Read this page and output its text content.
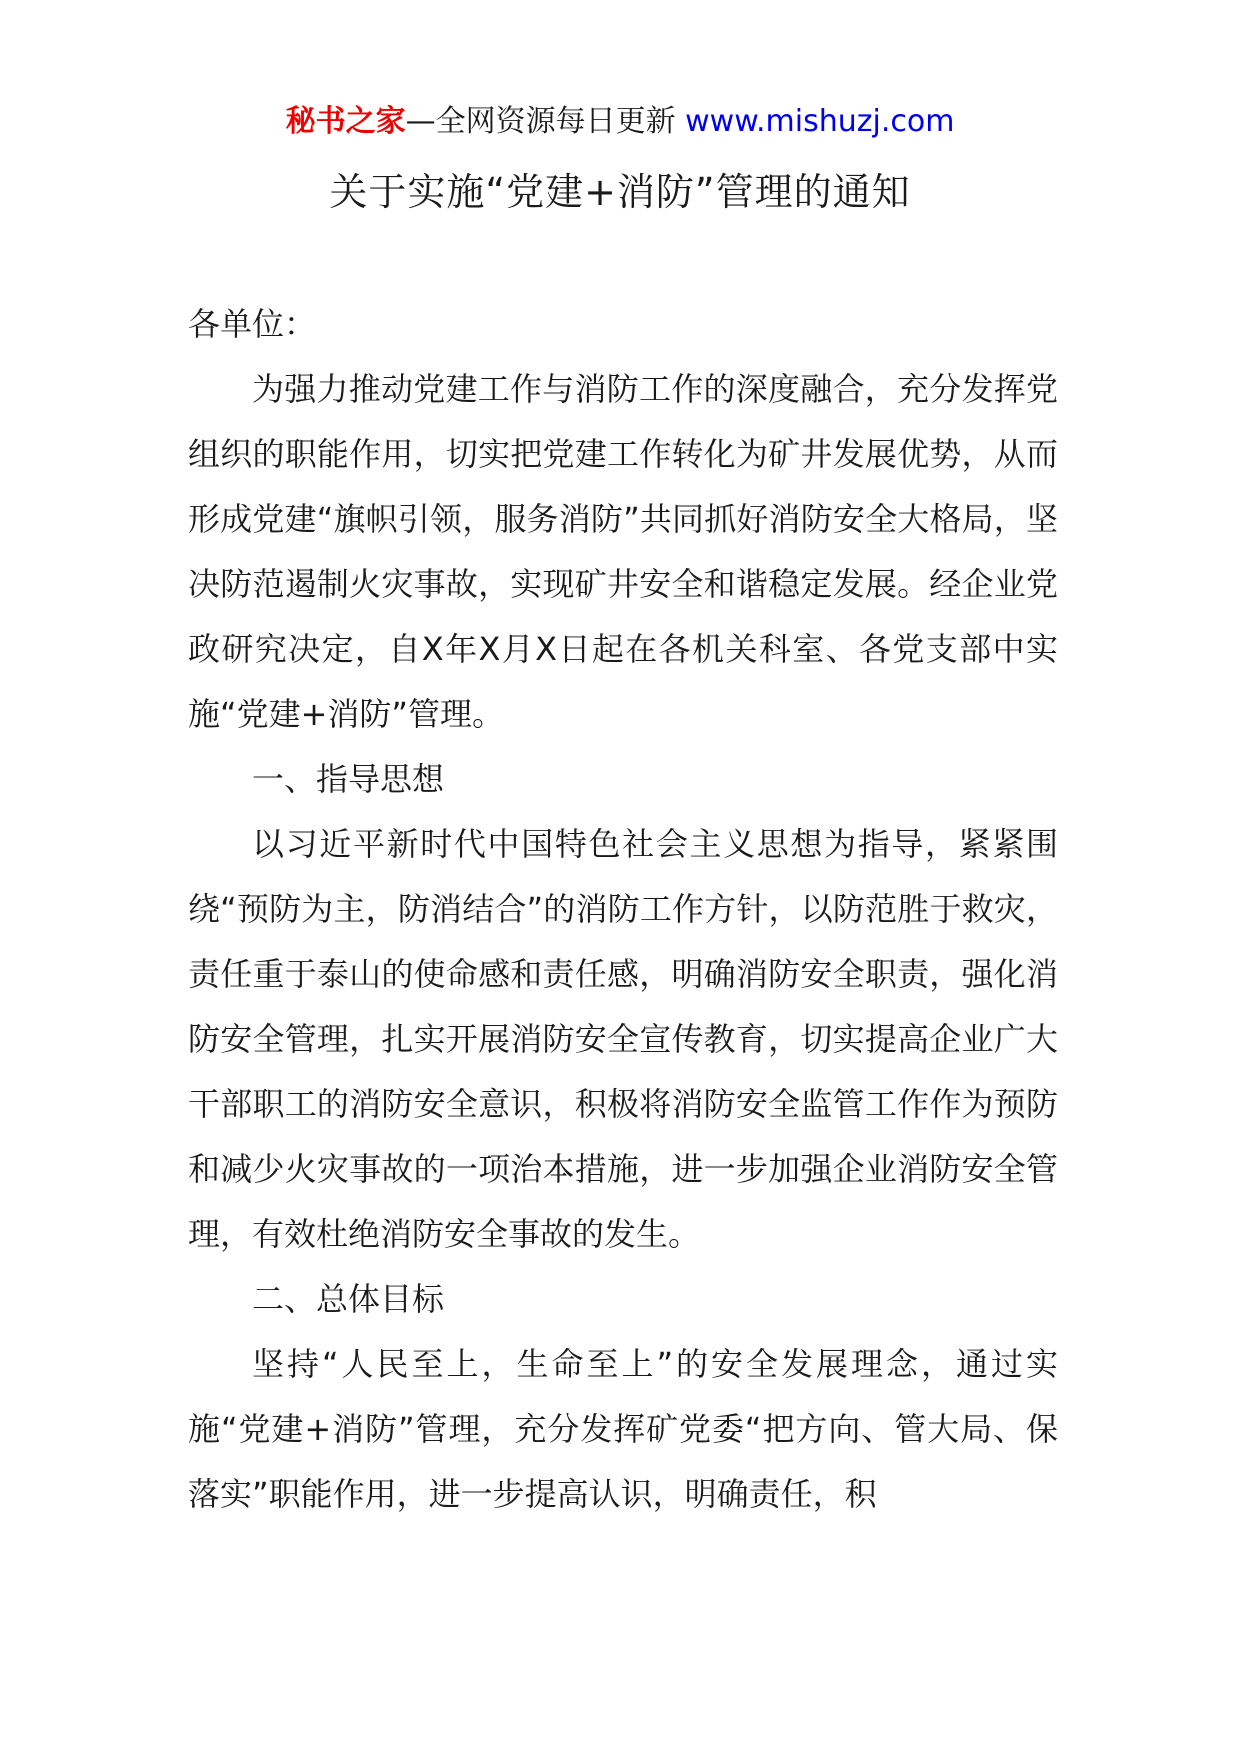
秘书之家—全网资源每日更新 www.mishuzj.com
关于实施“党建+消防”管理的通知

各单位：

为强力推动党建工作与消防工作的深度融合，充分发挥党组织的职能作用，切实把党建工作转化为矿井发展优势，从而形成党建“旗帜引领，服务消防”共同抓好消防安全大格局，坚决防范遏制火灾事故，实现矿井安全和谐稳定发展。经企业党政研究决定，自X年X月X日起在各机关科室、各党支部中实施“党建+消防”管理。

一、指导思想

以习近平新时代中国特色社会主义思想为指导，紧紧围绕“预防为主，防消结合”的消防工作方针，以防范胜于救灾，责任重于泰山的使命感和责任感，明确消防安全职责，强化消防安全管理，扎实开展消防安全宣传教育，切实提高企业广大干部职工的消防安全意识，积极将消防安全监管工作作为预防和减少火灾事故的一项治本措施，进一步加强企业消防安全管理，有效杜绝消防安全事故的发生。

二、总体目标

坚持“人民至上，生命至上”的安全发展理念，通过实施“党建+消防”管理，充分发挥矿党委“把方向、管大局、保落实”职能作用，进一步提高认识，明确责任，积
